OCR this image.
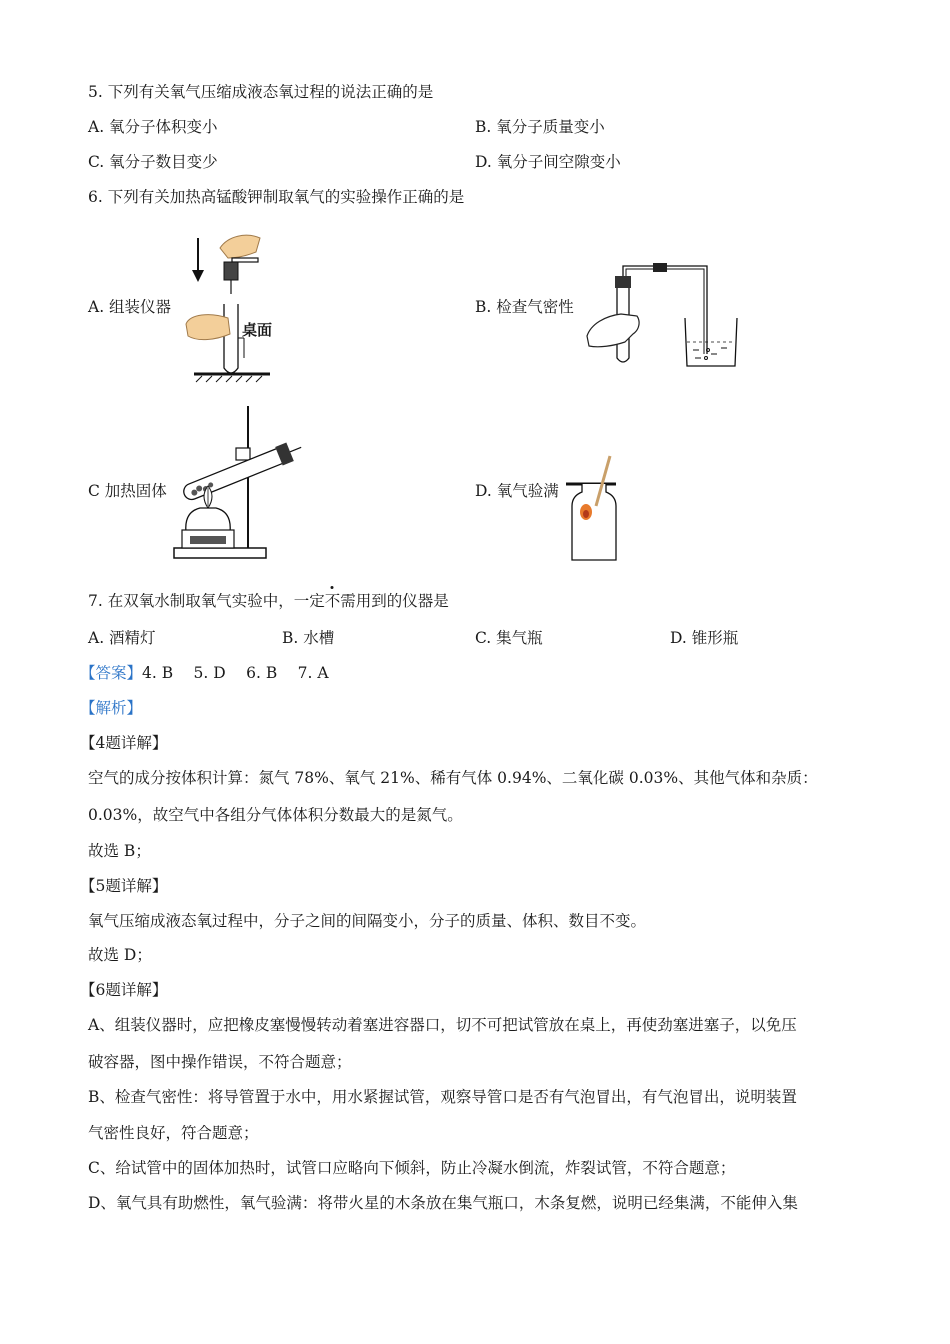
5. 下列有关氧气压缩成液态氧过程的说法正确的是
A. 氧分子体积变小	B. 氧分子质量变小
C. 氧分子数目变少	D. 氧分子间空隙变小
6. 下列有关加热高锰酸钾制取氧气的实验操作正确的是
A. 组装仪器
桌面
B. 检查气密性
C 加热固体	D. 氧气验满
7. 在双氧水制取氧气实验中，一定不需用到的仪器是
A. 酒精灯	B. 水槽	C. 集气瓶	D. 锥形瓶
【答案】4. B　 5. D　 6. B　 7. A
【解析】
【4题详解】
空气的成分按体积计算：氮气 78%、氧气 21%、稀有气体 0.94%、二氧化碳 0.03%、其他气体和杂质：
0.03%，故空气中各组分气体体积分数最大的是氮气。
故选 B；
【5题详解】
氧气压缩成液态氧过程中，分子之间的间隔变小，分子的质量、体积、数目不变。
故选 D；
【6题详解】
A、组装仪器时，应把橡皮塞慢慢转动着塞进容器口，切不可把试管放在桌上，再使劲塞进塞子，以免压
破容器，图中操作错误，不符合题意；
B、检查气密性：将导管置于水中，用水紧握试管，观察导管口是否有气泡冒出，有气泡冒出，说明装置
气密性良好，符合题意；
C、给试管中的固体加热时，试管口应略向下倾斜，防止冷凝水倒流，炸裂试管，不符合题意；
D、氧气具有助燃性，氧气验满：将带火星的木条放在集气瓶口，木条复燃，说明已经集满，不能伸入集
